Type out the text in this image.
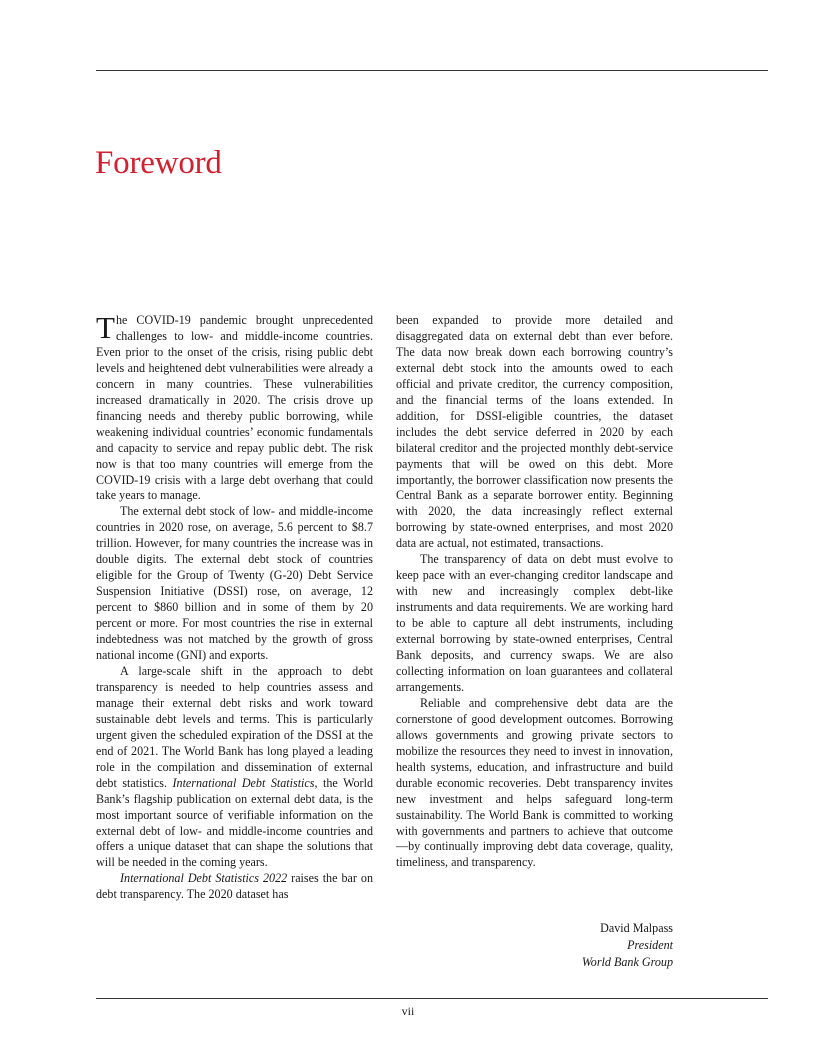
Foreword

The COVID-19 pandemic brought unprecedented challenges to low- and middle-income countries. Even prior to the onset of the crisis, rising public debt levels and heightened debt vulnerabilities were already a concern in many countries. These vulnerabilities increased dramatically in 2020. The crisis drove up financing needs and thereby public borrowing, while weakening individual countries’ economic fundamentals and capacity to service and repay public debt. The risk now is that too many countries will emerge from the COVID-19 crisis with a large debt overhang that could take years to manage.

The external debt stock of low- and middle-income countries in 2020 rose, on average, 5.6 percent to $8.7 trillion. However, for many countries the increase was in double digits. The external debt stock of countries eligible for the Group of Twenty (G-20) Debt Service Suspension Initiative (DSSI) rose, on average, 12 percent to $860 billion and in some of them by 20 percent or more. For most countries the rise in external indebtedness was not matched by the growth of gross national income (GNI) and exports.

A large-scale shift in the approach to debt transparency is needed to help countries assess and manage their external debt risks and work toward sustainable debt levels and terms. This is particularly urgent given the scheduled expiration of the DSSI at the end of 2021. The World Bank has long played a leading role in the compilation and dissemination of external debt statistics. International Debt Statistics, the World Bank’s flagship publication on external debt data, is the most important source of verifiable information on the external debt of low- and middle-income countries and offers a unique dataset that can shape the solutions that will be needed in the coming years.

International Debt Statistics 2022 raises the bar on debt transparency. The 2020 dataset has

been expanded to provide more detailed and disaggregated data on external debt than ever before. The data now break down each borrowing country’s external debt stock into the amounts owed to each official and private creditor, the currency composition, and the financial terms of the loans extended. In addition, for DSSI-eligible countries, the dataset includes the debt service deferred in 2020 by each bilateral creditor and the projected monthly debt-service payments that will be owed on this debt. More importantly, the borrower classification now presents the Central Bank as a separate borrower entity. Beginning with 2020, the data increasingly reflect external borrowing by state-owned enterprises, and most 2020 data are actual, not estimated, transactions.

The transparency of data on debt must evolve to keep pace with an ever-changing creditor landscape and with new and increasingly complex debt-like instruments and data requirements. We are working hard to be able to capture all debt instruments, including external borrowing by state-owned enterprises, Central Bank deposits, and currency swaps. We are also collecting information on loan guarantees and collateral arrangements.

Reliable and comprehensive debt data are the cornerstone of good development outcomes. Borrowing allows governments and growing private sectors to mobilize the resources they need to invest in innovation, health systems, education, and infrastructure and build durable economic recoveries. Debt transparency invites new investment and helps safeguard long-term sustainability. The World Bank is committed to working with governments and partners to achieve that outcome—by continually improving debt data coverage, quality, timeliness, and transparency.

David Malpass
President
World Bank Group
vii
